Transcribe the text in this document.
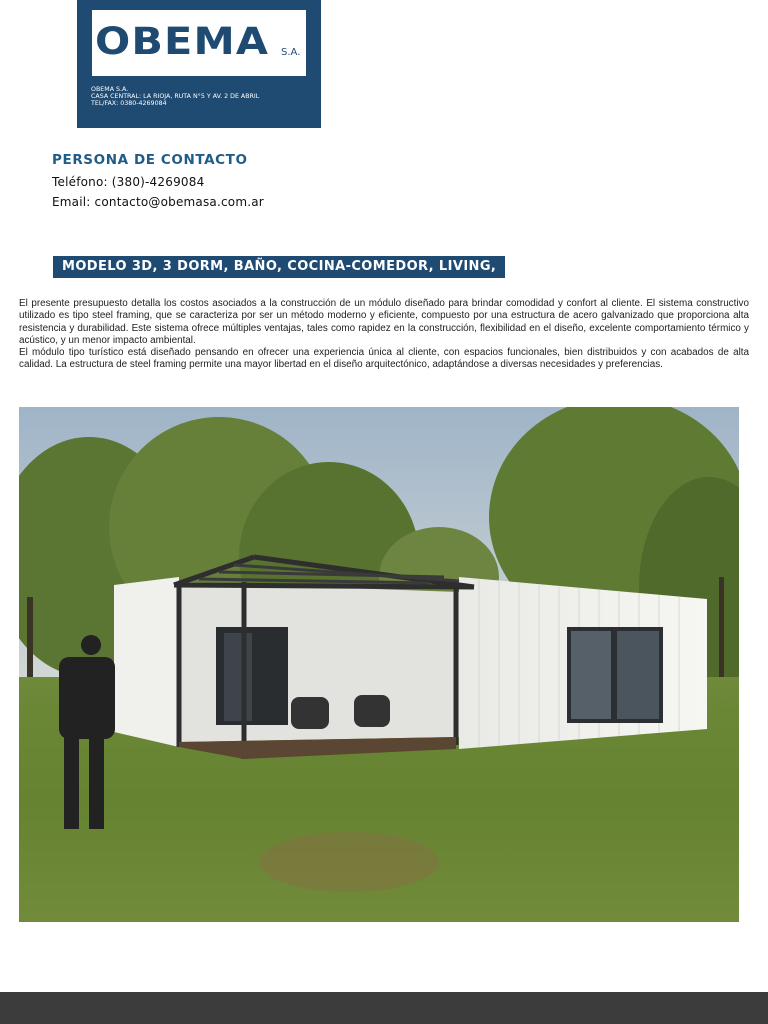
OBEMA S.A.
OBEMA S.A.
CASA CENTRAL: LA RIOJA, RUTA N°5 Y AV. 2 DE ABRIL
TEL/FAX: 0380-4269084
PERSONA DE CONTACTO
Teléfono: (380)-4269084
Email: contacto@obemasa.com.ar
MODELO 3D, 3 DORM, BAÑO, COCINA-COMEDOR, LIVING,

El presente presupuesto detalla los costos asociados a la construcción de un módulo diseñado para brindar comodidad y confort al cliente. El sistema constructivo utilizado es tipo steel framing, que se caracteriza por ser un método moderno y eficiente, compuesto por una estructura de acero galvanizado que proporciona alta resistencia y durabilidad. Este sistema ofrece múltiples ventajas, tales como rapidez en la construcción, flexibilidad en el diseño, excelente comportamiento térmico y acústico, y un menor impacto ambiental.

El módulo tipo turístico está diseñado pensando en ofrecer una experiencia única al cliente, con espacios funcionales, bien distribuidos y con acabados de alta calidad. La estructura de steel framing permite una mayor libertad en el diseño arquitectónico, adaptándose a diversas necesidades y preferencias.
